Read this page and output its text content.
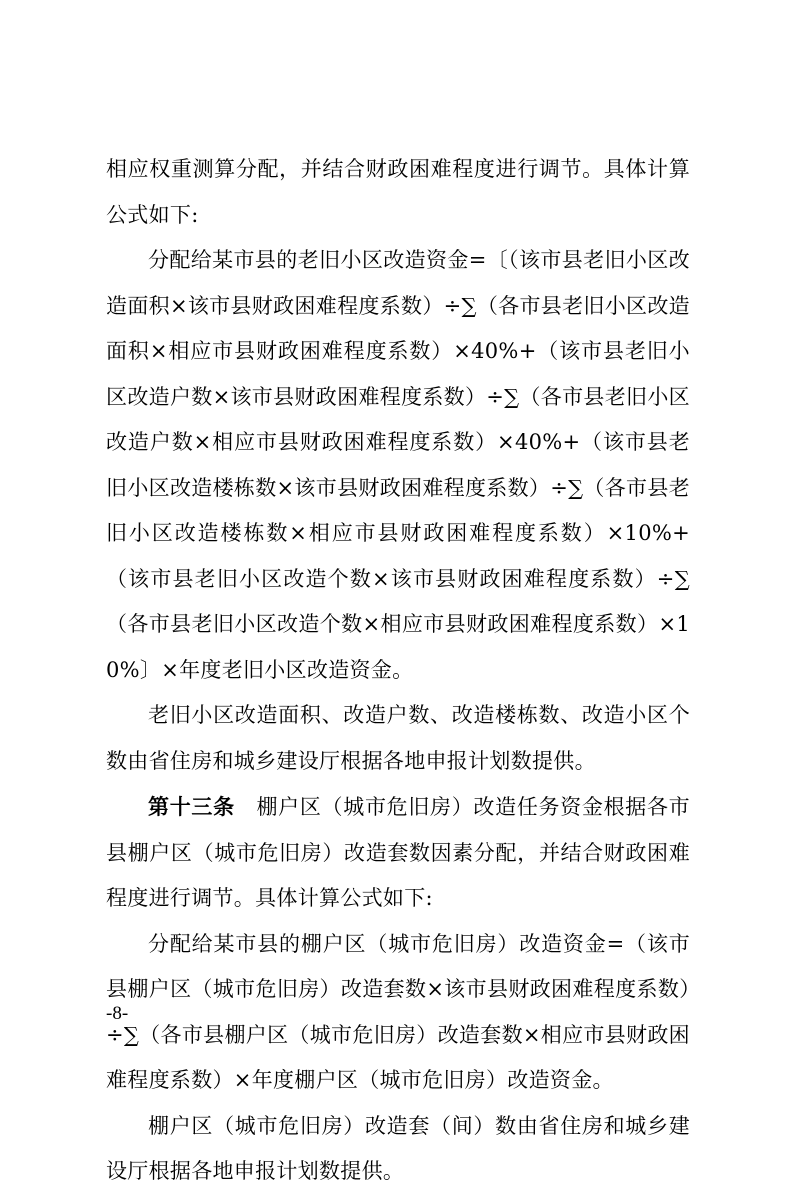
相应权重测算分配，并结合财政困难程度进行调节。具体计算公式如下:

分配给某市县的老旧小区改造资金=〔（该市县老旧小区改造面积×该市县财政困难程度系数）÷∑（各市县老旧小区改造面积×相应市县财政困难程度系数）×40%+（该市县老旧小区改造户数×该市县财政困难程度系数）÷∑（各市县老旧小区改造户数×相应市县财政困难程度系数）×40%+（该市县老旧小区改造楼栋数×该市县财政困难程度系数）÷∑（各市县老旧小区改造楼栋数×相应市县财政困难程度系数）×10%+（该市县老旧小区改造个数×该市县财政困难程度系数）÷∑（各市县老旧小区改造个数×相应市县财政困难程度系数）×10%〕×年度老旧小区改造资金。

老旧小区改造面积、改造户数、改造楼栋数、改造小区个数由省住房和城乡建设厅根据各地申报计划数提供。

第十三条　棚户区（城市危旧房）改造任务资金根据各市县棚户区（城市危旧房）改造套数因素分配，并结合财政困难程度进行调节。具体计算公式如下:

分配给某市县的棚户区（城市危旧房）改造资金=（该市县棚户区（城市危旧房）改造套数×该市县财政困难程度系数）÷∑（各市县棚户区（城市危旧房）改造套数×相应市县财政困难程度系数）×年度棚户区（城市危旧房）改造资金。

棚户区（城市危旧房）改造套（间）数由省住房和城乡建设厅根据各地申报计划数提供。

-8-
